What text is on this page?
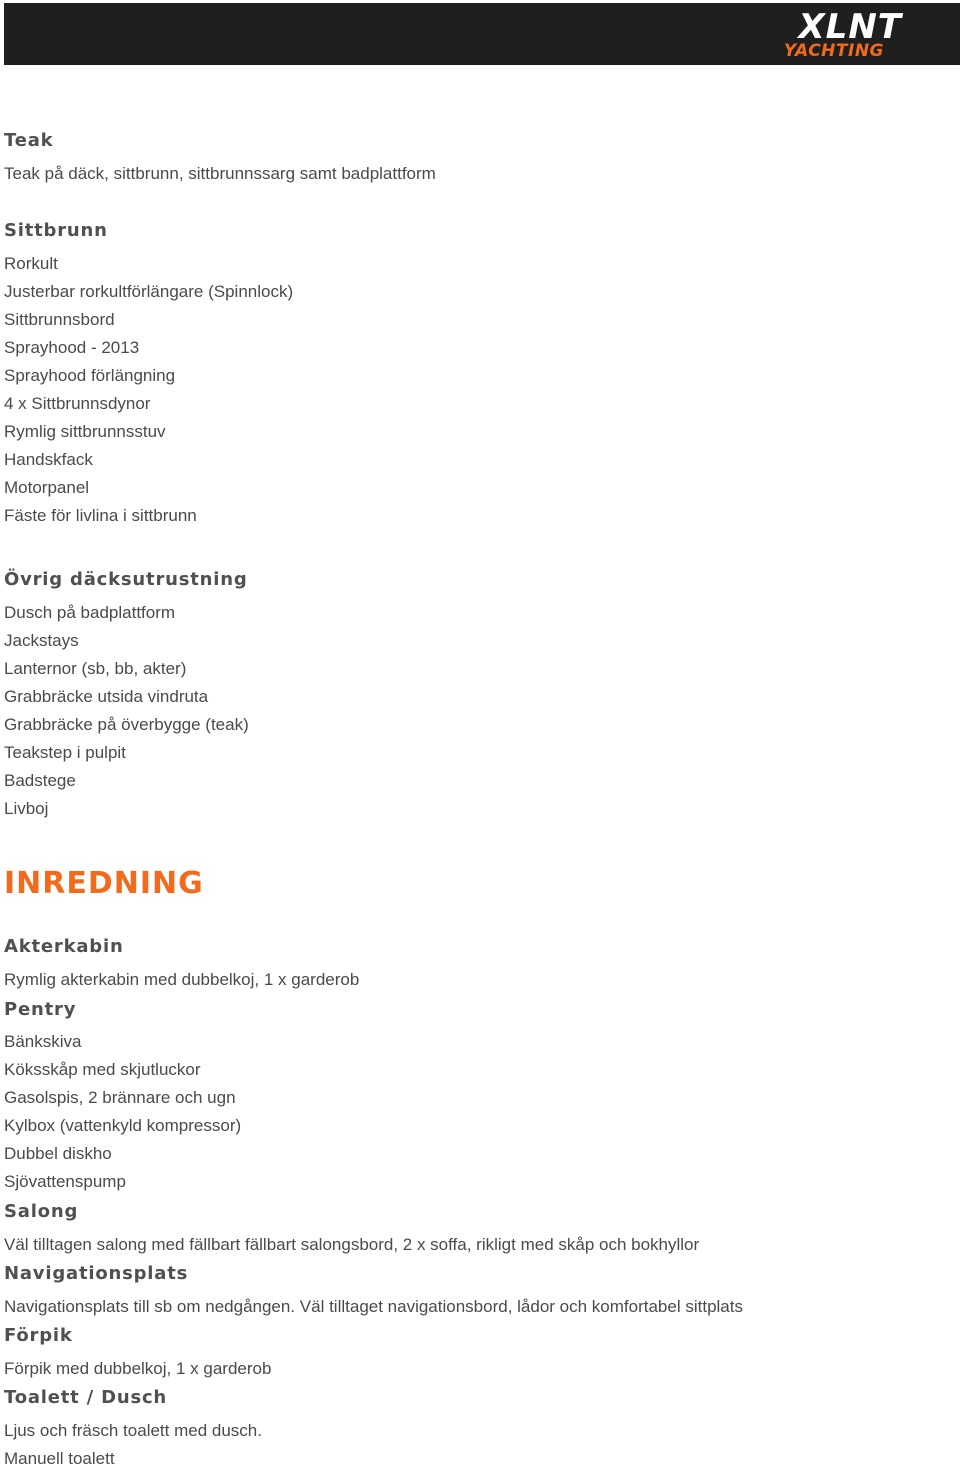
XLNT
YACHTING
Teak
Teak på däck, sittbrunn, sittbrunnssarg samt badplattform
Sittbrunn
Rorkult
Justerbar rorkultförlängare (Spinnlock)
Sittbrunnsbord
Sprayhood - 2013
Sprayhood förlängning
4 x Sittbrunnsdynor
Rymlig sittbrunnsstuv
Handskfack
Motorpanel
Fäste för livlina i sittbrunn
Övrig däcksutrustning
Dusch på badplattform
Jackstays
Lanternor (sb, bb, akter)
Grabbräcke utsida vindruta
Grabbräcke på överbygge (teak)
Teakstep i pulpit
Badstege
Livboj
INREDNING
Akterkabin
Rymlig akterkabin med dubbelkoj, 1 x garderob
Pentry
Bänkskiva
Köksskåp med skjutluckor
Gasolspis, 2 brännare och ugn
Kylbox (vattenkyld kompressor)
Dubbel diskho
Sjövattenspump
Salong
Väl tilltagen salong med fällbart fällbart salongsbord, 2 x soffa, rikligt med skåp och bokhyllor
Navigationsplats
Navigationsplats till sb om nedgången. Väl tilltaget navigationsbord, lådor och komfortabel sittplats
Förpik
Förpik med dubbelkoj, 1 x garderob
Toalett / Dusch
Ljus och fräsch toalett med dusch.
Manuell toalett
